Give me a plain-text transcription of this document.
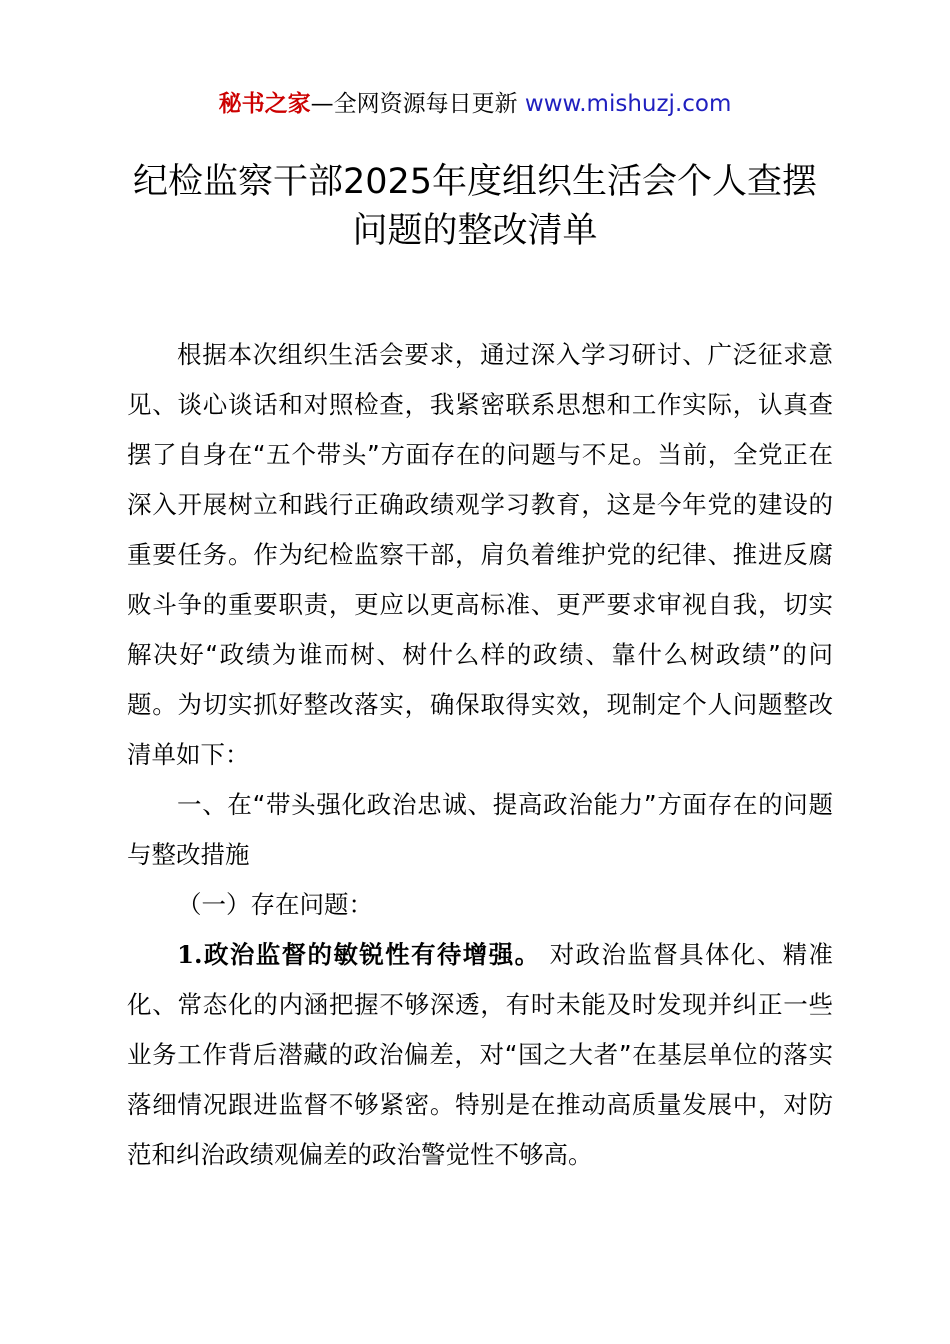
秘书之家—全网资源每日更新 www.mishuzj.com
纪检监察干部2025年度组织生活会个人查摆
问题的整改清单

根据本次组织生活会要求，通过深入学习研讨、广泛征求意见、谈心谈话和对照检查，我紧密联系思想和工作实际，认真查摆了自身在“五个带头”方面存在的问题与不足。当前，全党正在深入开展树立和践行正确政绩观学习教育，这是今年党的建设的重要任务。作为纪检监察干部，肩负着维护党的纪律、推进反腐败斗争的重要职责，更应以更高标准、更严要求审视自我，切实解决好“政绩为谁而树、树什么样的政绩、靠什么树政绩”的问题。为切实抓好整改落实，确保取得实效，现制定个人问题整改清单如下：

一、在“带头强化政治忠诚、提高政治能力”方面存在的问题与整改措施

（一）存在问题：

1.政治监督的敏锐性有待增强。 对政治监督具体化、精准化、常态化的内涵把握不够深透，有时未能及时发现并纠正一些业务工作背后潜藏的政治偏差，对“国之大者”在基层单位的落实落细情况跟进监督不够紧密。特别是在推动高质量发展中，对防范和纠治政绩观偏差的政治警觉性不够高。
